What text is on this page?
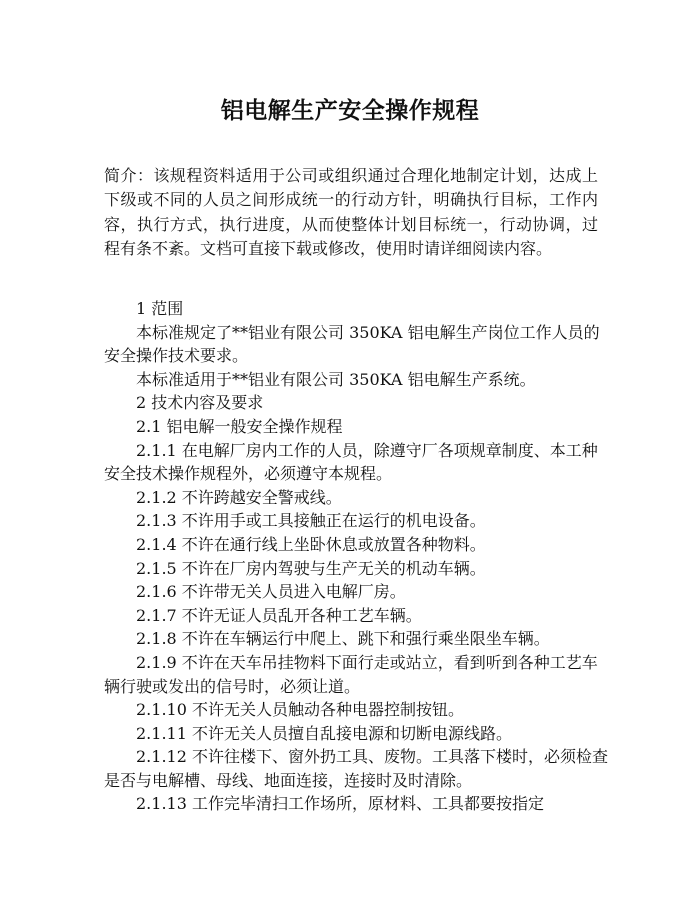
铝电解生产安全操作规程
简介：该规程资料适用于公司或组织通过合理化地制定计划，达成上下级或不同的人员之间形成统一的行动方针，明确执行目标，工作内容，执行方式，执行进度，从而使整体计划目标统一，行动协调，过程有条不紊。文档可直接下载或修改，使用时请详细阅读内容。

1 范围

本标准规定了**铝业有限公司 350KA 铝电解生产岗位工作人员的安全操作技术要求。

本标准适用于**铝业有限公司 350KA 铝电解生产系统。

2 技术内容及要求

2.1 铝电解一般安全操作规程

2.1.1 在电解厂房内工作的人员，除遵守厂各项规章制度、本工种安全技术操作规程外，必须遵守本规程。

2.1.2 不许跨越安全警戒线。

2.1.3 不许用手或工具接触正在运行的机电设备。

2.1.4 不许在通行线上坐卧休息或放置各种物料。

2.1.5 不许在厂房内驾驶与生产无关的机动车辆。

2.1.6 不许带无关人员进入电解厂房。

2.1.7 不许无证人员乱开各种工艺车辆。

2.1.8 不许在车辆运行中爬上、跳下和强行乘坐限坐车辆。

2.1.9 不许在天车吊挂物料下面行走或站立，看到听到各种工艺车辆行驶或发出的信号时，必须让道。

2.1.10 不许无关人员触动各种电器控制按钮。

2.1.11 不许无关人员擅自乱接电源和切断电源线路。

2.1.12 不许往楼下、窗外扔工具、废物。工具落下楼时，必须检查是否与电解槽、母线、地面连接，连接时及时清除。

2.1.13 工作完毕清扫工作场所，原材料、工具都要按指定
